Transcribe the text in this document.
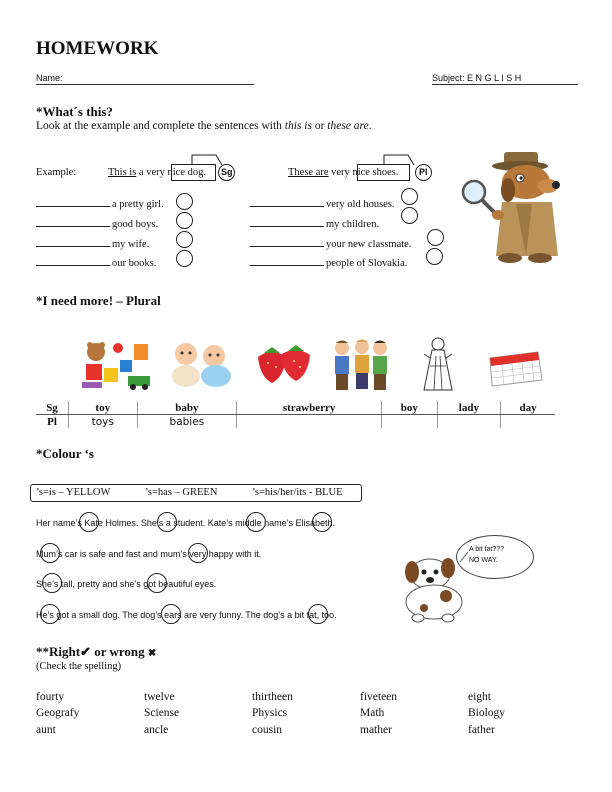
HOMEWORK
Name:	Subject: E N G L I S H
*What´s this?
Look at the example and complete the sentences with this is or these are.
Example:	This is a very nice dog. Sg	These are very nice shoes. Pl
a pretty girl.
good boys.
my wife.
our books.
very old houses.
my children.
your new classmate.
people of Slovakia.
*I need more! – Plural
Sg	toy	baby	strawberry	boy	lady	day
Pl	toys	babies				
*Colour ‘s
’s=is – YELLOW	’s=has – GREEN	’s=his/her/its - BLUE
Her name’s Kate Holmes. She’s a student. Kate’s middle name’s Elisabeth.
Mum’s car is safe and fast and mum’s very happy with it.
She’s tall, pretty and she’s got beautiful eyes.
He’s got a small dog. The dog’s ears are very funny. The dog’s a bit fat, too.
A bit fat???
NO WAY.
**Right✔ or wrong ✖
(Check the spelling)
fourty	twelve	thirtheen	fiveteen	eight
Geografy	Sciense	Physics	Math	Biology
aunt	ancle	cousin	mather	father
